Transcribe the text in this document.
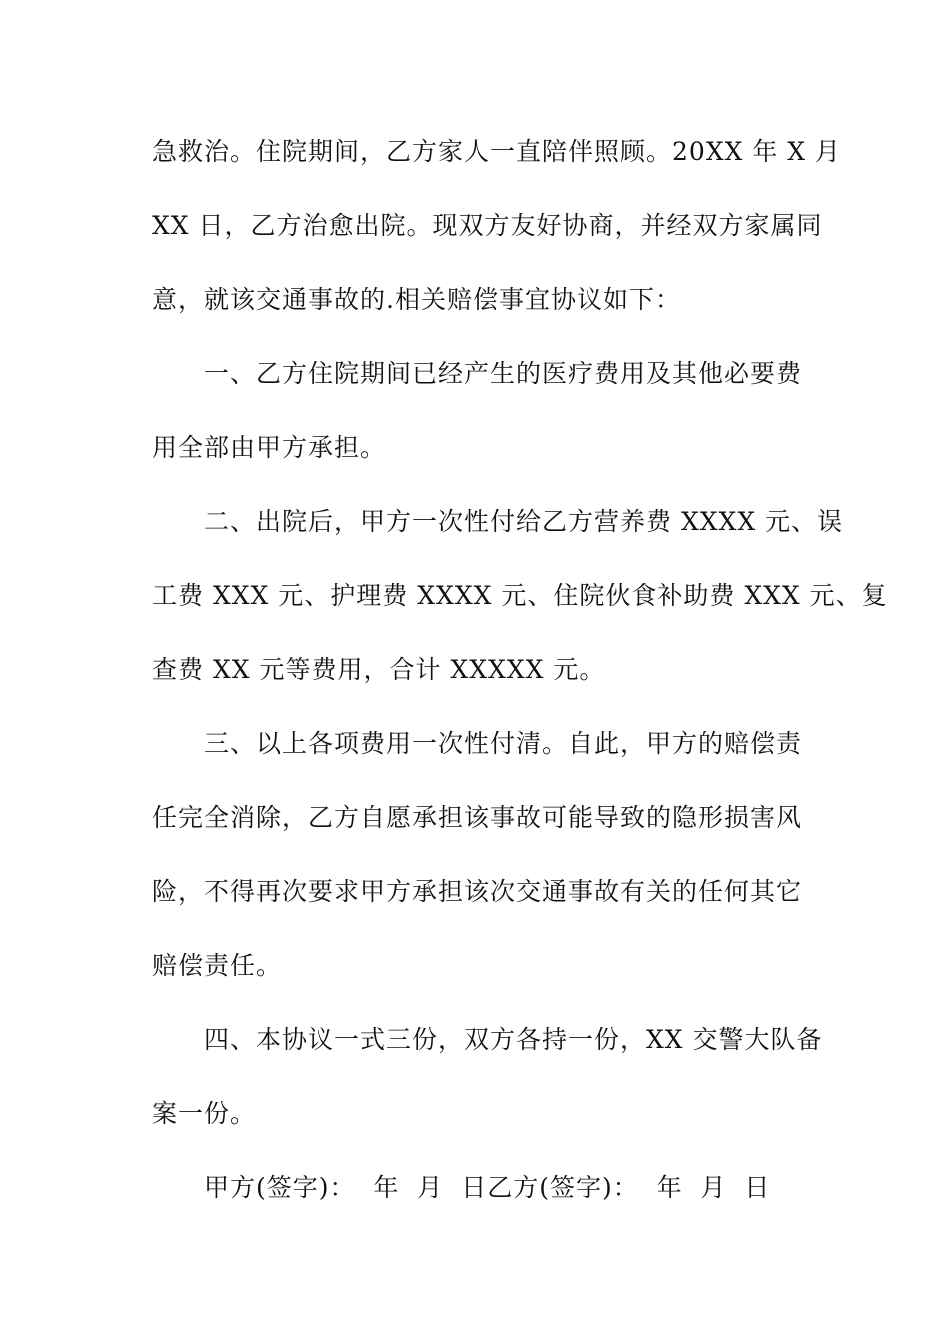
急救治。住院期间，乙方家人一直陪伴照顾。20XX 年 X 月
XX 日，乙方治愈出院。现双方友好协商，并经双方家属同
意，就该交通事故的.相关赔偿事宜协议如下：
一、乙方住院期间已经产生的医疗费用及其他必要费
用全部由甲方承担。
二、出院后，甲方一次性付给乙方营养费 XXXX 元、误
工费 XXX 元、护理费 XXXX 元、住院伙食补助费 XXX 元、复
查费 XX 元等费用，合计 XXXXX 元。
三、以上各项费用一次性付清。自此，甲方的赔偿责
任完全消除，乙方自愿承担该事故可能导致的隐形损害风
险，不得再次要求甲方承担该次交通事故有关的任何其它
赔偿责任。
四、本协议一式三份，双方各持一份，XX 交警大队备
案一份。
甲方(签字)：  年  月  日乙方(签字)：  年  月  日
